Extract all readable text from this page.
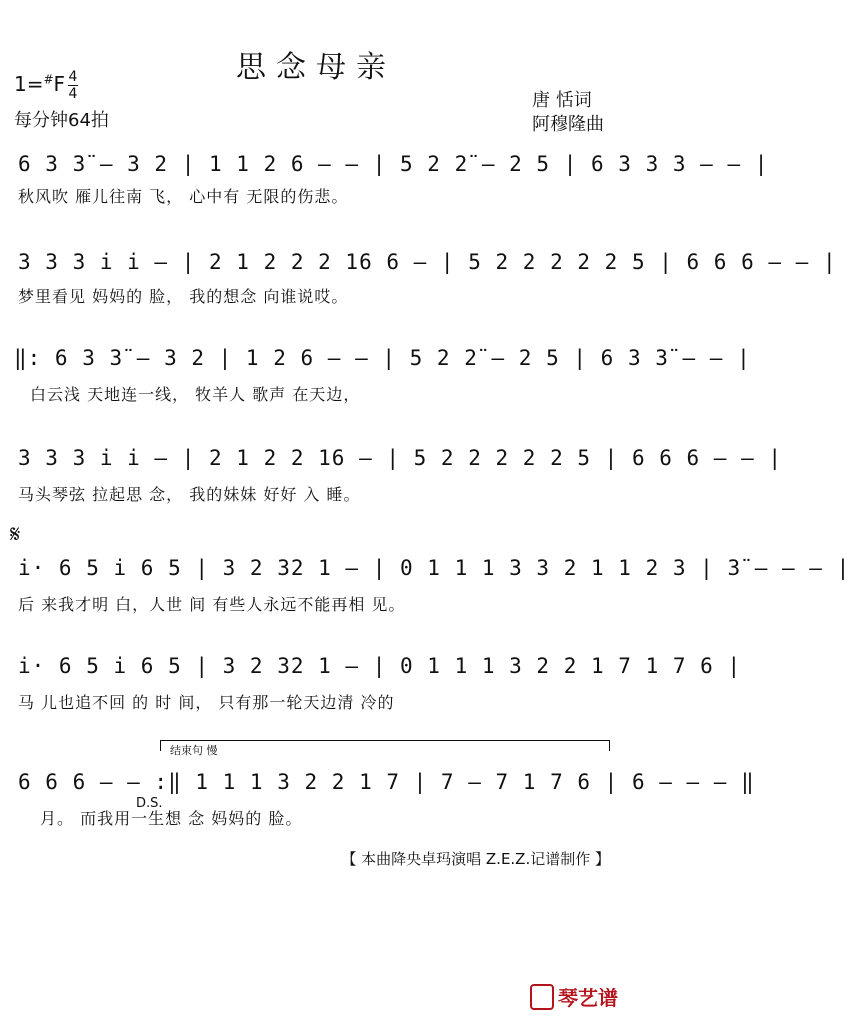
思念母亲
1=#F 4
4
每分钟64拍
唐 恬词
阿穆隆曲
6 3 3̈ – 3 2 | 1 1 2 6 – – | 5 2 2̈ – 2 5 | 6 3 3 3 – – |
秋风吹 雁儿往南 飞， 心中有 无限的伤悲。
3 3 3 i i – | 2 1 2 2 2 16 6 – | 5 2 2 2 2 2 5 | 6 6 6 – – |
梦里看见 妈妈的 脸， 我的想念 向谁说哎。
‖: 6 3 3̈ – 3 2 | 1 2 6 – – | 5 2 2̈ – 2 5 | 6 3 3̈ – – |
白云浅 天地连一线， 牧羊人 歌声 在天边，
3 3 3 i i – | 2 1 2 2 16 – | 5 2 2 2 2 2 5 | 6 6 6 – – |
马头琴弦 拉起思 念， 我的妹妹 好好 入 睡。
𝄋
i· 6 5 i 6 5 | 3 2 32 1 – | 0 1 1 1 3 3 2 1 1 2 3 | 3̈ – – – |
后 来我才明 白，人世 间 有些人永远不能再相 见。
i· 6 5 i 6 5 | 3 2 32 1 – | 0 1 1 1 3 2 2 1 7 1 7 6 |
马 儿也追不回 的 时 间， 只有那一轮天边清 冷的
结束句 慢
6 6 6 – – :‖ 1 1 1 3 2 2 1 7 | 7 – 7 1 7 6 | 6 – – – ‖
D.S.
月。 而我用一生想 念 妈妈的 脸。
【 本曲降央卓玛演唱 Z.E.Z.记谱制作 】
琴艺谱
